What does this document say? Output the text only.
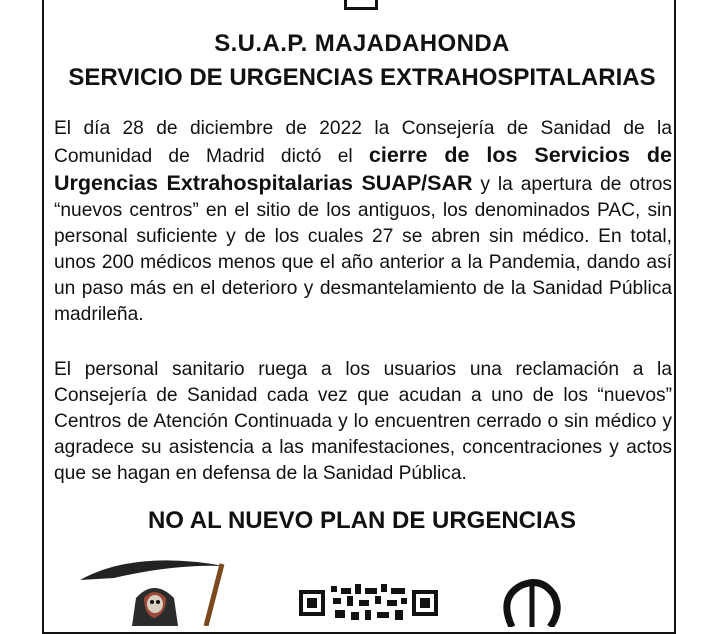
S.U.A.P. MAJADAHONDA
SERVICIO DE URGENCIAS EXTRAHOSPITALARIAS

El día 28 de diciembre de 2022 la Consejería de Sanidad de la Comunidad de Madrid dictó el cierre de los Servicios de Urgencias Extrahospitalarias SUAP/SAR y la apertura de otros “nuevos centros” en el sitio de los antiguos, los denominados PAC, sin personal suficiente y de los cuales 27 se abren sin médico. En total, unos 200 médicos menos que el año anterior a la Pandemia, dando así un paso más en el deterioro y desmantelamiento de la Sanidad Pública madrileña.

El personal sanitario ruega a los usuarios una reclamación a la Consejería de Sanidad cada vez que acudan a uno de los “nuevos” Centros de Atención Continuada y lo encuentren cerrado o sin médico y agradece su asistencia a las manifestaciones, concentraciones y actos que se hagan en defensa de la Sanidad Pública.

NO AL NUEVO PLAN DE URGENCIAS
